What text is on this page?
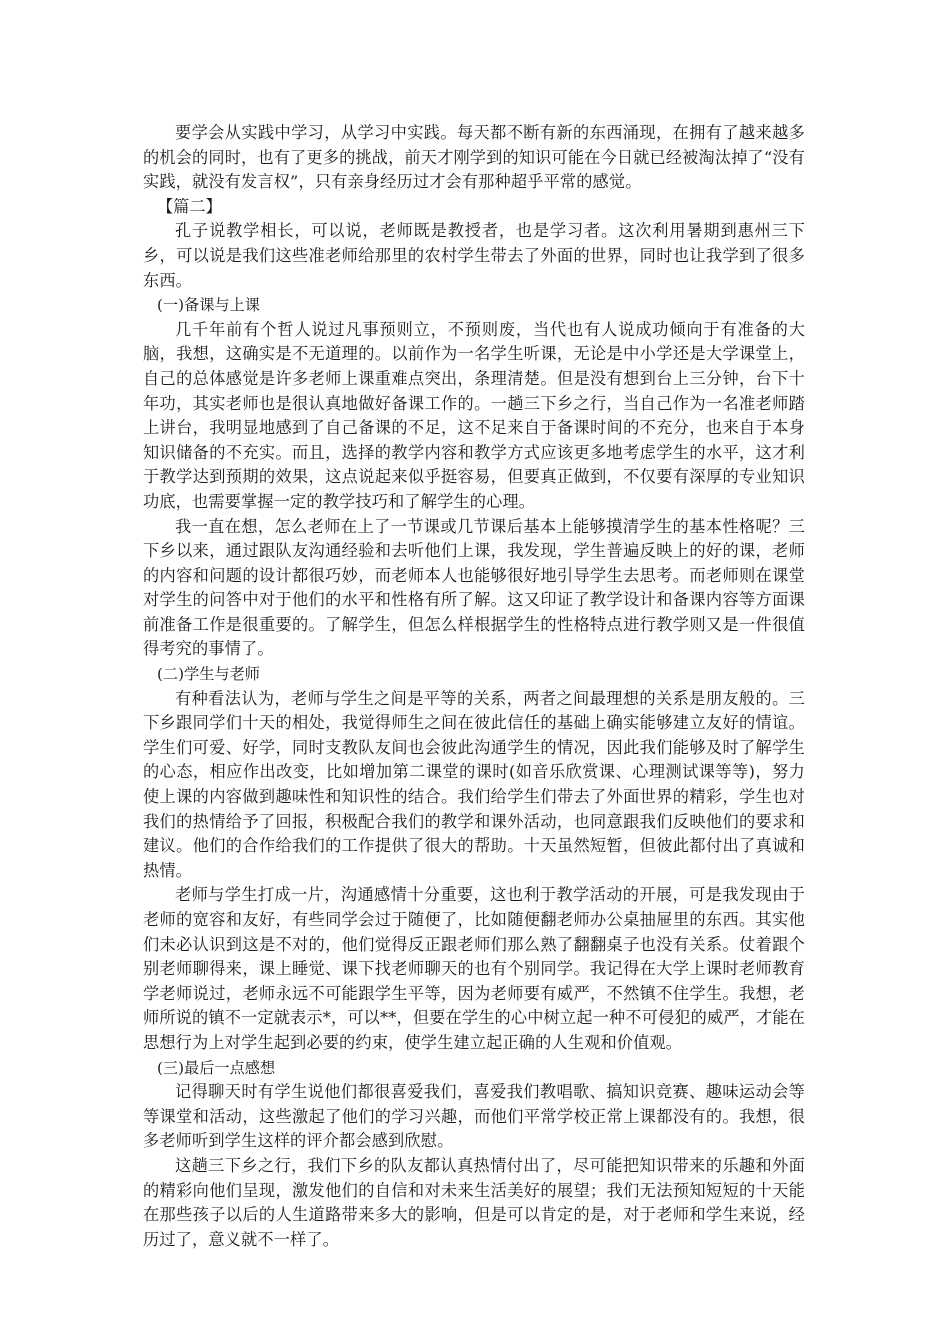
要学会从实践中学习，从学习中实践。每天都不断有新的东西涌现，在拥有了越来越多的机会的同时，也有了更多的挑战，前天才刚学到的知识可能在今日就已经被淘汰掉了“没有实践，就没有发言权”，只有亲身经历过才会有那种超乎平常的感觉。

【篇二】

孔子说教学相长，可以说，老师既是教授者，也是学习者。这次利用暑期到惠州三下乡，可以说是我们这些准老师给那里的农村学生带去了外面的世界，同时也让我学到了很多东西。

(一)备课与上课

几千年前有个哲人说过凡事预则立，不预则废，当代也有人说成功倾向于有准备的大脑，我想，这确实是不无道理的。以前作为一名学生听课，无论是中小学还是大学课堂上，自己的总体感觉是许多老师上课重难点突出，条理清楚。但是没有想到台上三分钟，台下十年功，其实老师也是很认真地做好备课工作的。一趟三下乡之行，当自己作为一名准老师踏上讲台，我明显地感到了自己备课的不足，这不足来自于备课时间的不充分，也来自于本身知识储备的不充实。而且，选择的教学内容和教学方式应该更多地考虑学生的水平，这才利于教学达到预期的效果，这点说起来似乎挺容易，但要真正做到，不仅要有深厚的专业知识功底，也需要掌握一定的教学技巧和了解学生的心理。

我一直在想，怎么老师在上了一节课或几节课后基本上能够摸清学生的基本性格呢？三下乡以来，通过跟队友沟通经验和去听他们上课，我发现，学生普遍反映上的好的课，老师的内容和问题的设计都很巧妙，而老师本人也能够很好地引导学生去思考。而老师则在课堂对学生的问答中对于他们的水平和性格有所了解。这又印证了教学设计和备课内容等方面课前准备工作是很重要的。了解学生，但怎么样根据学生的性格特点进行教学则又是一件很值得考究的事情了。

(二)学生与老师

有种看法认为，老师与学生之间是平等的关系，两者之间最理想的关系是朋友般的。三下乡跟同学们十天的相处，我觉得师生之间在彼此信任的基础上确实能够建立友好的情谊。学生们可爱、好学，同时支教队友间也会彼此沟通学生的情况，因此我们能够及时了解学生的心态，相应作出改变，比如增加第二课堂的课时(如音乐欣赏课、心理测试课等等)，努力使上课的内容做到趣味性和知识性的结合。我们给学生们带去了外面世界的精彩，学生也对我们的热情给予了回报，积极配合我们的教学和课外活动，也同意跟我们反映他们的要求和建议。他们的合作给我们的工作提供了很大的帮助。十天虽然短暂，但彼此都付出了真诚和热情。

老师与学生打成一片，沟通感情十分重要，这也利于教学活动的开展，可是我发现由于老师的宽容和友好，有些同学会过于随便了，比如随便翻老师办公桌抽屉里的东西。其实他们未必认识到这是不对的，他们觉得反正跟老师们那么熟了翻翻桌子也没有关系。仗着跟个别老师聊得来，课上睡觉、课下找老师聊天的也有个别同学。我记得在大学上课时老师教育学老师说过，老师永远不可能跟学生平等，因为老师要有威严，不然镇不住学生。我想，老师所说的镇不一定就表示*，可以**，但要在学生的心中树立起一种不可侵犯的威严，才能在思想行为上对学生起到必要的约束，使学生建立起正确的人生观和价值观。

(三)最后一点感想

记得聊天时有学生说他们都很喜爱我们，喜爱我们教唱歌、搞知识竞赛、趣味运动会等等课堂和活动，这些激起了他们的学习兴趣，而他们平常学校正常上课都没有的。我想，很多老师听到学生这样的评介都会感到欣慰。

这趟三下乡之行，我们下乡的队友都认真热情付出了，尽可能把知识带来的乐趣和外面的精彩向他们呈现，激发他们的自信和对未来生活美好的展望；我们无法预知短短的十天能在那些孩子以后的人生道路带来多大的影响，但是可以肯定的是，对于老师和学生来说，经历过了，意义就不一样了。
